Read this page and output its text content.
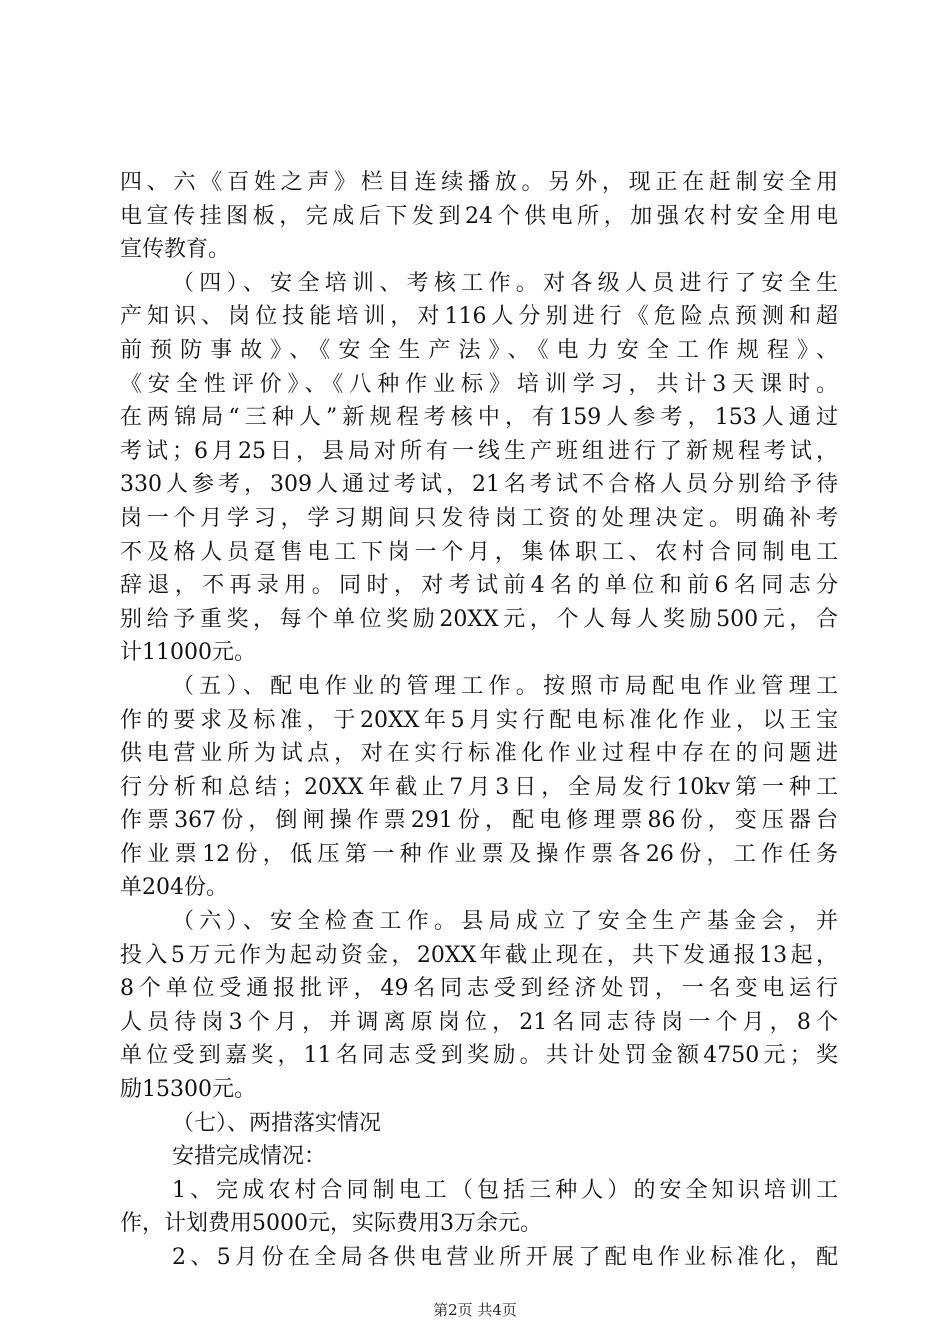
四、六《百姓之声》栏目连续播放。另外，现正在赶制安全用
电宣传挂图板，完成后下发到24个供电所，加强农村安全用电
宣传教育。
（四）、安全培训、考核工作。对各级人员进行了安全生
产知识、岗位技能培训，对116人分别进行《危险点预测和超
前预防事故》、《安全生产法》、《电力安全工作规程》、
《安全性评价》、《八种作业标》培训学习，共计3天课时。
在两锦局“三种人”新规程考核中，有159人参考，153人通过
考试；6月25日，县局对所有一线生产班组进行了新规程考试，
330人参考，309人通过考试，21名考试不合格人员分别给予待
岗一个月学习，学习期间只发待岗工资的处理决定。明确补考
不及格人员趸售电工下岗一个月，集体职工、农村合同制电工
辞退，不再录用。同时，对考试前4名的单位和前6名同志分
别给予重奖，每个单位奖励20XX元，个人每人奖励500元，合
计11000元。
（五）、配电作业的管理工作。按照市局配电作业管理工
作的要求及标准，于20XX年5月实行配电标准化作业，以王宝
供电营业所为试点，对在实行标准化作业过程中存在的问题进
行分析和总结；20XX年截止7月3日，全局发行10kv第一种工
作票367份，倒闸操作票291份，配电修理票86份，变压器台
作业票12份，低压第一种作业票及操作票各26份，工作任务
单204份。
（六）、安全检查工作。县局成立了安全生产基金会，并
投入5万元作为起动资金，20XX年截止现在，共下发通报13起，
8个单位受通报批评，49名同志受到经济处罚，一名变电运行
人员待岗3个月，并调离原岗位，21名同志待岗一个月，8个
单位受到嘉奖，11名同志受到奖励。共计处罚金额4750元；奖
励15300元。
（七）、两措落实情况
安措完成情况：
1、完成农村合同制电工（包括三种人）的安全知识培训工
作，计划费用5000元，实际费用3万余元。
2、5月份在全局各供电营业所开展了配电作业标准化，配
第2页 共4页
